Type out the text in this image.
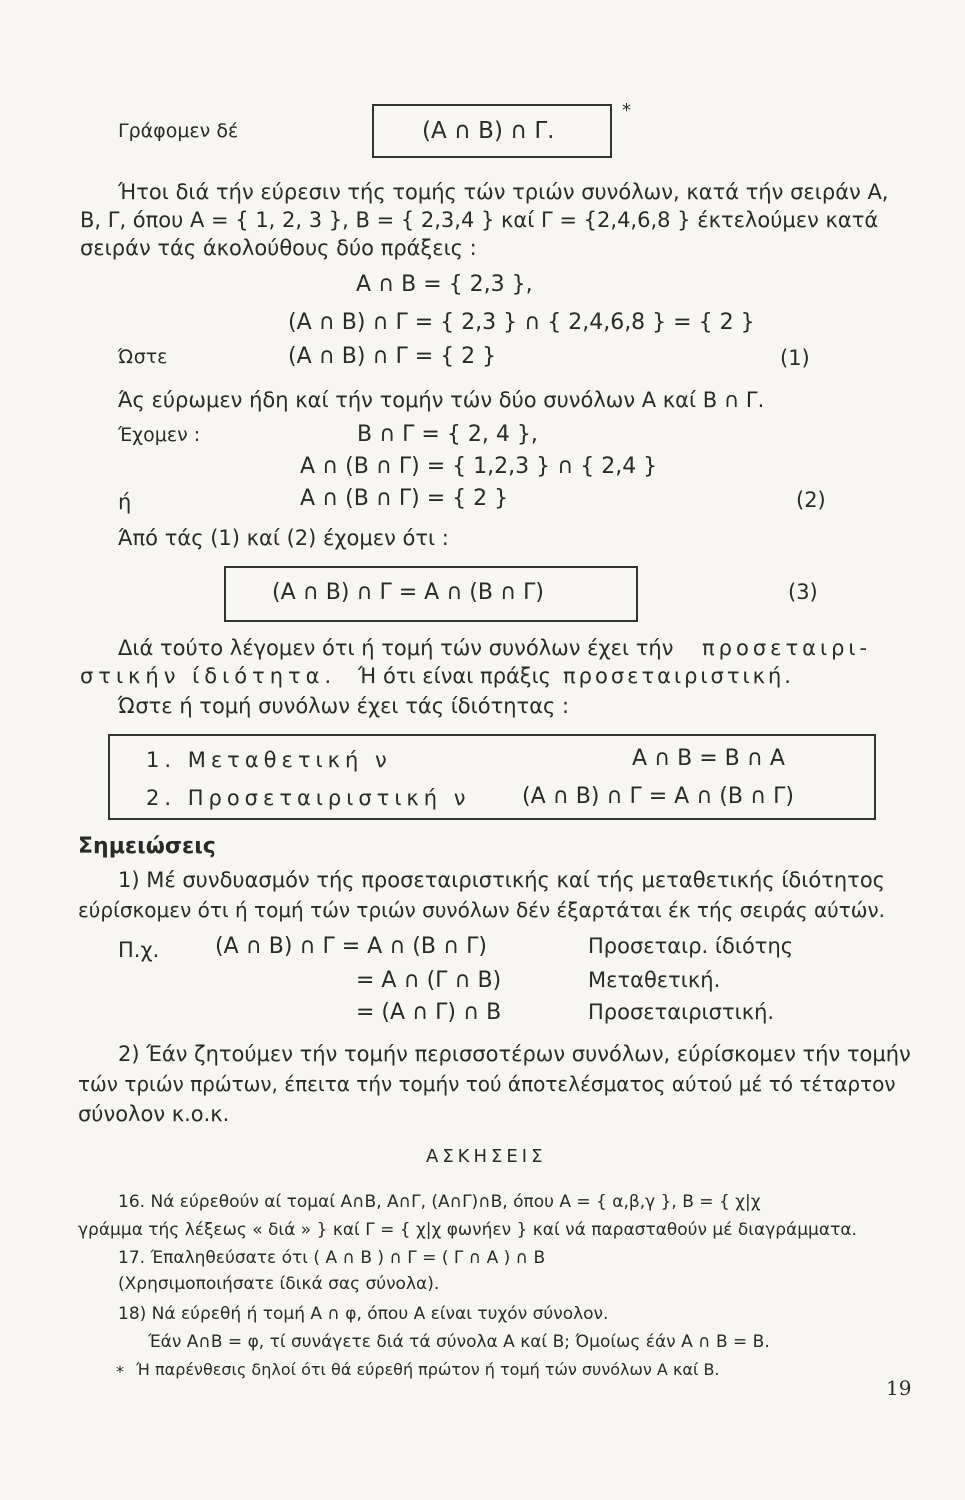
Γράφομεν δέ	(A ∩ B) ∩ Γ.
*
Ήτοι διά τήν εύρεσιν τής τομής τών τριών συνόλων, κατά τήν σειράν Α,
Β, Γ, όπου Α = { 1, 2, 3 }, Β = { 2,3,4 } καί Γ = {2,4,6,8 } έκτελούμεν κατά
σειράν τάς άκολούθους δύο πράξεις :
A ∩ B = { 2,3 },
(A ∩ B) ∩ Γ = { 2,3 } ∩ { 2,4,6,8 } = { 2 }
Ώστε	(A ∩ B) ∩ Γ = { 2 }	(1)
Άς εύρωμεν ήδη καί τήν τομήν τών δύο συνόλων Α καί Β ∩ Γ.
Έχομεν :	B ∩ Γ = { 2, 4 },
A ∩ (B ∩ Γ) = { 1,2,3 } ∩ { 2,4 }
ή	A ∩ (B ∩ Γ) = { 2 }	(2)
Άπό τάς (1) καί (2) έχομεν ότι :
(A ∩ B) ∩ Γ = A ∩ (B ∩ Γ)	(3)
Διά τούτο λέγομεν ότι ή τομή τών συνόλων έχει τήν προσεταιρι-
στικήν ίδιότητα. Ή ότι είναι πράξις προσεταιριστική.
Ώστε ή τομή συνόλων έχει τάς ίδιότητας :
1. Μεταθετική ν	A ∩ B = B ∩ A
2. Προσεταιριστική ν (A ∩ B) ∩ Γ = A ∩ (B ∩ Γ)
Σημειώσεις
1) Μέ συνδυασμόν τής προσεταιριστικής καί τής μεταθετικής ίδιότητος
εύρίσκομεν ότι ή τομή τών τριών συνόλων δέν έξαρτάται έκ τής σειράς αύτών.
Π.χ.	(A ∩ B) ∩ Γ = A ∩ (B ∩ Γ)	Προσεταιρ. ίδιότης
= A ∩ (Γ ∩ B)	Μεταθετική.
= (A ∩ Γ) ∩ B	Προσεταιριστική.
2) Έάν ζητούμεν τήν τομήν περισσοτέρων συνόλων, εύρίσκομεν τήν τομήν
τών τριών πρώτων, έπειτα τήν τομήν τού άποτελέσματος αύτού μέ τό τέταρτον
σύνολον κ.ο.κ.
ΑΣΚΗΣΕΙΣ
16. Νά εύρεθούν αί τομαί Α∩Β, Α∩Γ, (Α∩Γ)∩Β, όπου Α = { α,β,γ }, Β = { χ|χ
γράμμα τής λέξεως « διά » } καί Γ = { χ|χ φωνήεν } καί νά παρασταθούν μέ διαγράμματα.
17. Έπαληθεύσατε ότι ( Α ∩ Β ) ∩ Γ = ( Γ ∩ Α ) ∩ Β
(Χρησιμοποιήσατε ίδικά σας σύνολα).
18) Νά εύρεθή ή τομή Α ∩ φ, όπου Α είναι τυχόν σύνολον.
Έάν Α∩Β = φ, τί συνάγετε διά τά σύνολα Α καί Β; Όμοίως έάν Α ∩ Β = Β.
* Ή παρένθεσις δηλοί ότι θά εύρεθή πρώτον ή τομή τών συνόλων Α καί Β.
19
